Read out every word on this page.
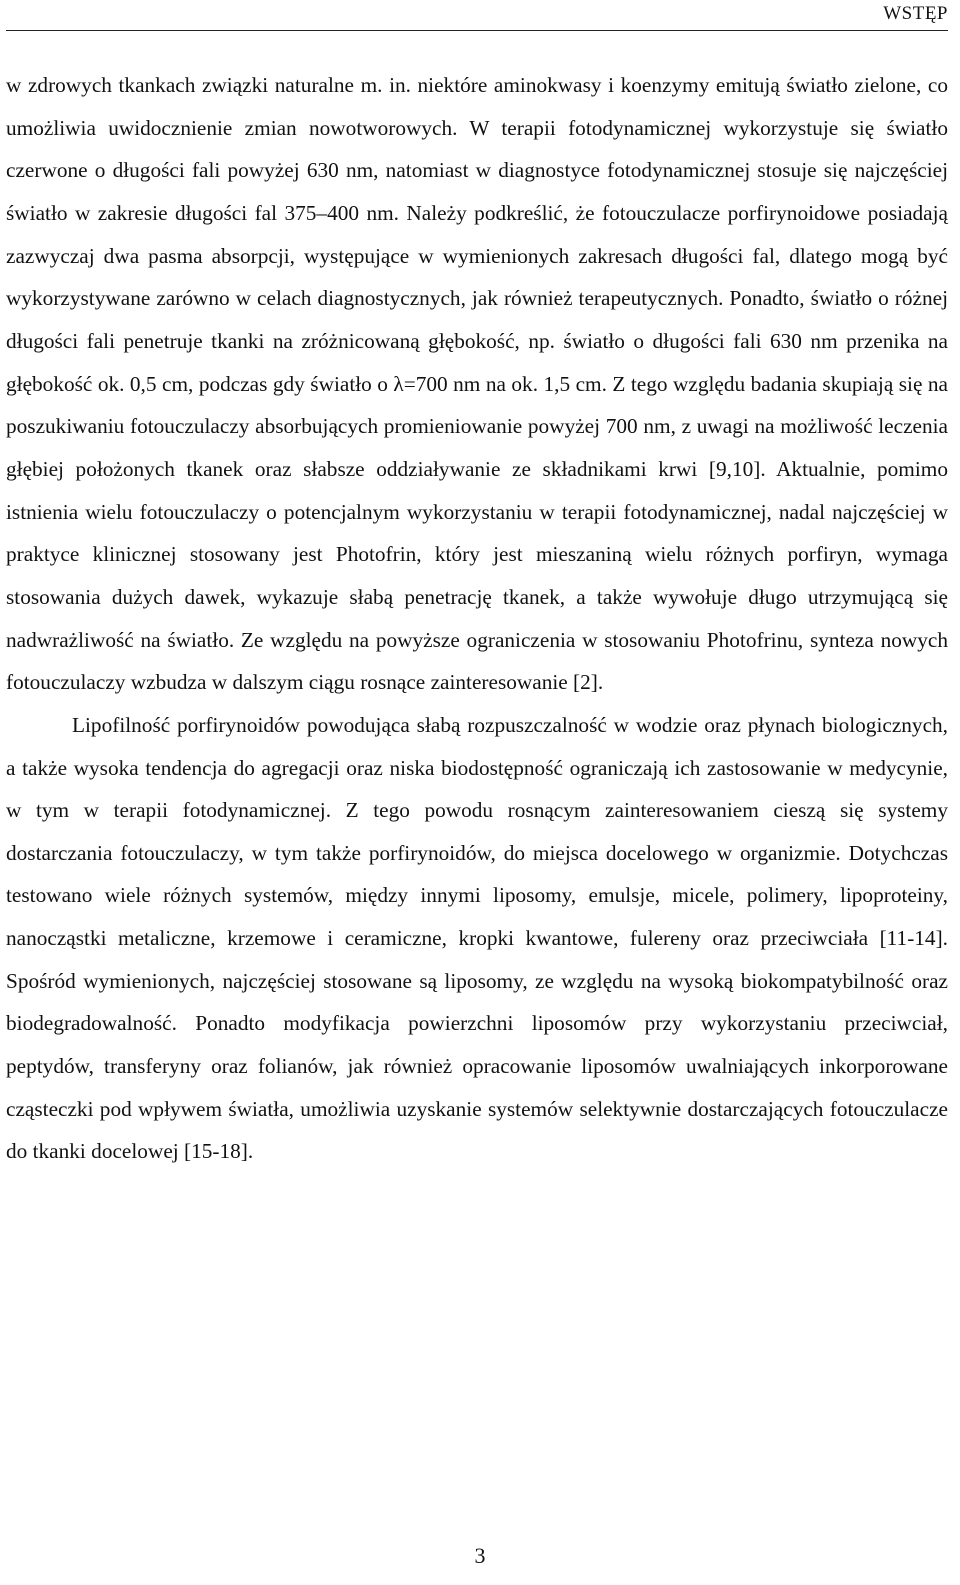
WSTĘP

w zdrowych tkankach związki naturalne m. in. niektóre aminokwasy i koenzymy emitują światło zielone, co umożliwia uwidocznienie zmian nowotworowych. W terapii fotodynamicznej wykorzystuje się światło czerwone o długości fali powyżej 630 nm, natomiast w diagnostyce fotodynamicznej stosuje się najczęściej światło w zakresie długości fal 375–400 nm. Należy podkreślić, że fotouczulacze porfirynoidowe posiadają zazwyczaj dwa pasma absorpcji, występujące w wymienionych zakresach długości fal, dlatego mogą być wykorzystywane zarówno w celach diagnostycznych, jak również terapeutycznych. Ponadto, światło o różnej długości fali penetruje tkanki na zróżnicowaną głębokość, np. światło o długości fali 630 nm przenika na głębokość ok. 0,5 cm, podczas gdy światło o λ=700 nm na ok. 1,5 cm. Z tego względu badania skupiają się na poszukiwaniu fotouczulaczy absorbujących promieniowanie powyżej 700 nm, z uwagi na możliwość leczenia głębiej położonych tkanek oraz słabsze oddziaływanie ze składnikami krwi [9,10]. Aktualnie, pomimo istnienia wielu fotouczulaczy o potencjalnym wykorzystaniu w terapii fotodynamicznej, nadal najczęściej w praktyce klinicznej stosowany jest Photofrin, który jest mieszaniną wielu różnych porfiryn, wymaga stosowania dużych dawek, wykazuje słabą penetrację tkanek, a także wywołuje długo utrzymującą się nadwrażliwość na światło. Ze względu na powyższe ograniczenia w stosowaniu Photofrinu, synteza nowych fotouczulaczy wzbudza w dalszym ciągu rosnące zainteresowanie [2].

Lipofilność porfirynoidów powodująca słabą rozpuszczalność w wodzie oraz płynach biologicznych, a także wysoka tendencja do agregacji oraz niska biodostępność ograniczają ich zastosowanie w medycynie, w tym w terapii fotodynamicznej. Z tego powodu rosnącym zainteresowaniem cieszą się systemy dostarczania fotouczulaczy, w tym także porfirynoidów, do miejsca docelowego w organizmie. Dotychczas testowano wiele różnych systemów, między innymi liposomy, emulsje, micele, polimery, lipoproteiny, nanocząstki metaliczne, krzemowe i ceramiczne, kropki kwantowe, fulereny oraz przeciwciała [11-14]. Spośród wymienionych, najczęściej stosowane są liposomy, ze względu na wysoką biokompatybilność oraz biodegradowalność. Ponadto modyfikacja powierzchni liposomów przy wykorzystaniu przeciwciał, peptydów, transferyny oraz folianów, jak również opracowanie liposomów uwalniających inkorporowane cząsteczki pod wpływem światła, umożliwia uzyskanie systemów selektywnie dostarczających fotouczulacze do tkanki docelowej [15-18].

3
